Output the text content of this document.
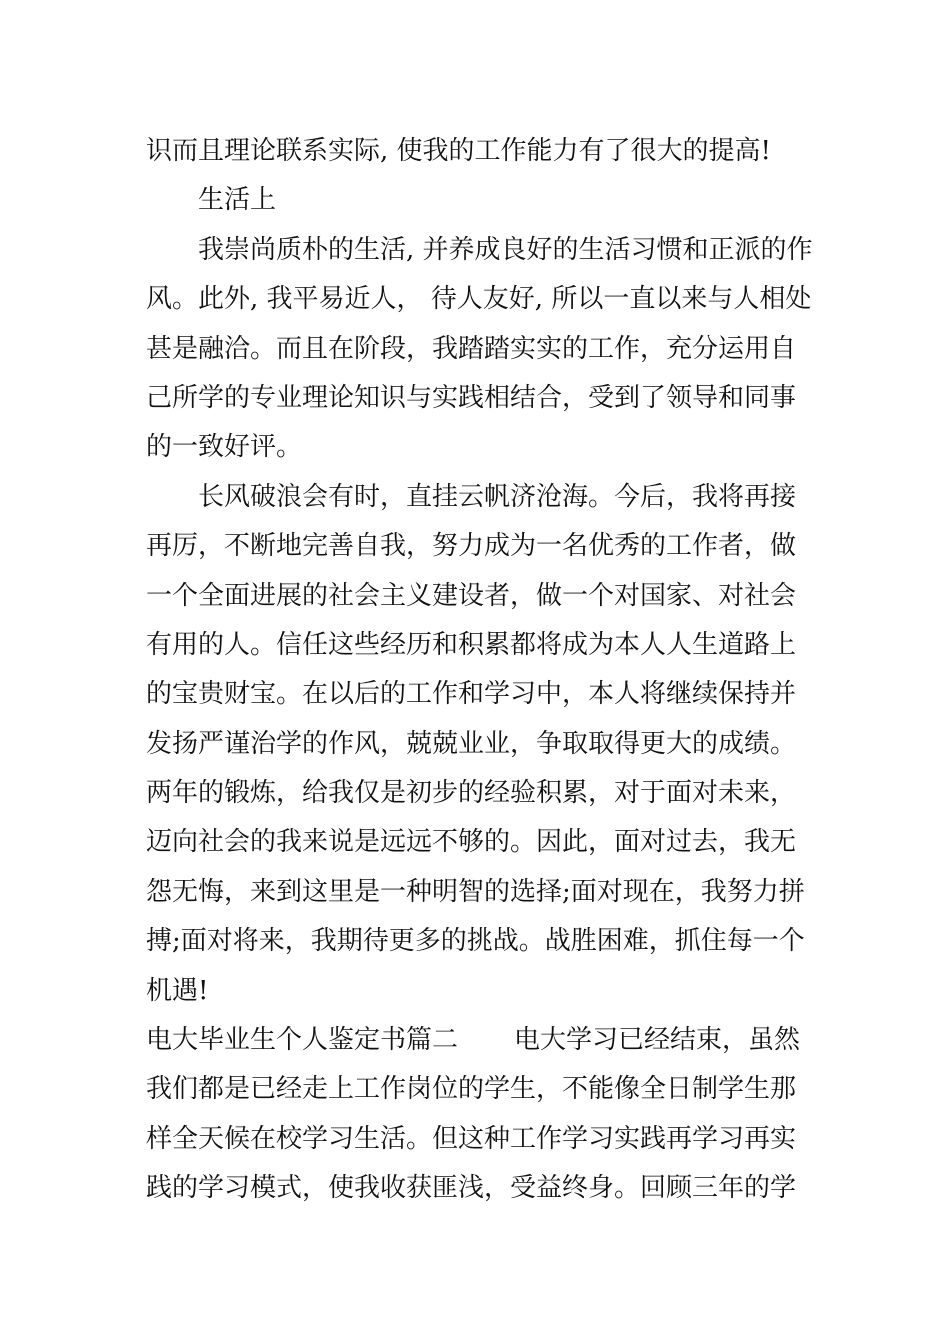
识而且理论联系实际, 使我的工作能力有了很大的提高!
生活上
我崇尚质朴的生活, 并养成良好的生活习惯和正派的作
风。此外, 我平易近人， 待人友好, 所以一直以来与人相处
甚是融洽。而且在阶段，我踏踏实实的工作，充分运用自
己所学的专业理论知识与实践相结合，受到了领导和同事
的一致好评。
长风破浪会有时，直挂云帆济沧海。今后，我将再接
再厉，不断地完善自我，努力成为一名优秀的工作者，做
一个全面进展的社会主义建设者，做一个对国家、对社会
有用的人。信任这些经历和积累都将成为本人人生道路上
的宝贵财宝。在以后的工作和学习中，本人将继续保持并
发扬严谨治学的作风，兢兢业业，争取取得更大的成绩。
两年的锻炼，给我仅是初步的经验积累，对于面对未来，
迈向社会的我来说是远远不够的。因此，面对过去，我无
怨无悔，来到这里是一种明智的选择;面对现在，我努力拼
搏;面对将来，我期待更多的挑战。战胜困难，抓住每一个
机遇!
电大毕业生个人鉴定书篇二 电大学习已经结束，虽然
我们都是已经走上工作岗位的学生，不能像全日制学生那
样全天候在校学习生活。但这种工作学习实践再学习再实
践的学习模式，使我收获匪浅，受益终身。回顾三年的学
